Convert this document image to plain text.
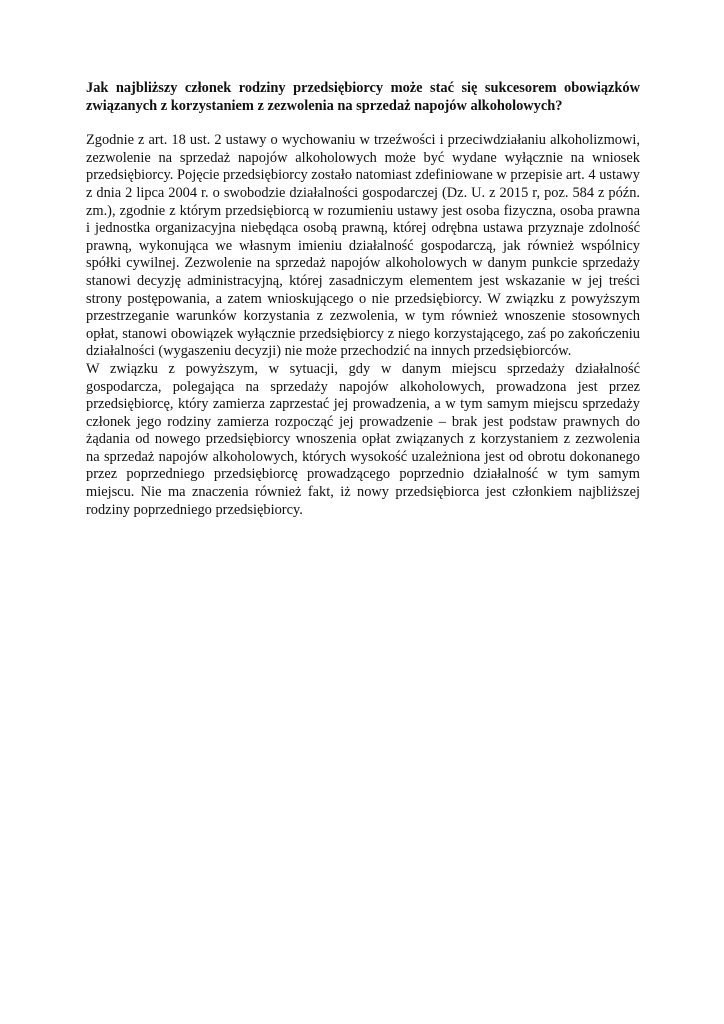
Jak najbliższy członek rodziny przedsiębiorcy może stać się sukcesorem obowiązków związanych z korzystaniem z zezwolenia na sprzedaż napojów alkoholowych?

Zgodnie z art. 18 ust. 2 ustawy o wychowaniu w trzeźwości i przeciwdziałaniu alkoholizmowi, zezwolenie na sprzedaż napojów alkoholowych może być wydane wyłącznie na wniosek przedsiębiorcy. Pojęcie przedsiębiorcy zostało natomiast zdefiniowane w przepisie art. 4 ustawy z dnia 2 lipca 2004 r. o swobodzie działalności gospodarczej (Dz. U. z 2015 r, poz. 584 z późn. zm.), zgodnie z którym przedsiębiorcą w rozumieniu ustawy jest osoba fizyczna, osoba prawna i jednostka organizacyjna niebędąca osobą prawną, której odrębna ustawa przyznaje zdolność prawną, wykonująca we własnym imieniu działalność gospodarczą, jak również wspólnicy spółki cywilnej. Zezwolenie na sprzedaż napojów alkoholowych w danym punkcie sprzedaży stanowi decyzję administracyjną, której zasadniczym elementem jest wskazanie w jej treści strony postępowania, a zatem wnioskującego o nie przedsiębiorcy. W związku z powyższym przestrzeganie warunków korzystania z zezwolenia, w tym również wnoszenie stosownych opłat, stanowi obowiązek wyłącznie przedsiębiorcy z niego korzystającego, zaś po zakończeniu działalności (wygaszeniu decyzji) nie może przechodzić na innych przedsiębiorców.

W związku z powyższym, w sytuacji, gdy w danym miejscu sprzedaży działalność gospodarcza, polegająca na sprzedaży napojów alkoholowych, prowadzona jest przez przedsiębiorcę, który zamierza zaprzestać jej prowadzenia, a w tym samym miejscu sprzedaży członek jego rodziny zamierza rozpocząć jej prowadzenie – brak jest podstaw prawnych do żądania od nowego przedsiębiorcy wnoszenia opłat związanych z korzystaniem z zezwolenia na sprzedaż napojów alkoholowych, których wysokość uzależniona jest od obrotu dokonanego przez poprzedniego przedsiębiorcę prowadzącego poprzednio działalność w tym samym miejscu. Nie ma znaczenia również fakt, iż nowy przedsiębiorca jest członkiem najbliższej rodziny poprzedniego przedsiębiorcy.
